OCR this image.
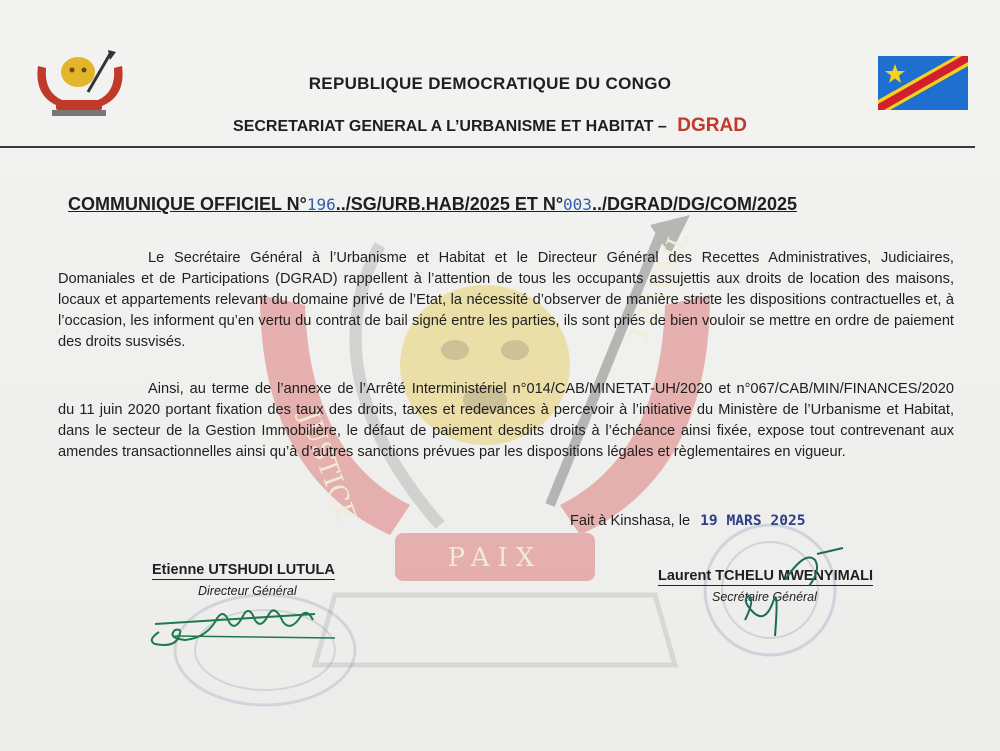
JUSTICE
TRAVAIL
PAIX
REPUBLIQUE DEMOCRATIQUE DU CONGO
SECRETARIAT GENERAL A L’URBANISME ET HABITAT – DGRAD
COMMUNIQUE OFFICIEL N°196../SG/URB.HAB/2025 ET N°003../DGRAD/DG/COM/2025
Le Secrétaire Général à l’Urbanisme et Habitat et le Directeur Général des Recettes Administratives, Judiciaires, Domaniales et de Participations (DGRAD) rappellent à l’attention de tous les occupants assujettis aux droits de location des maisons, locaux et appartements relevant du domaine privé de l’Etat, la nécessité d’observer de manière stricte les dispositions contractuelles et, à l’occasion, les informent qu’en vertu du contrat de bail signé entre les parties, ils sont priés de bien vouloir se mettre en ordre de paiement des droits susvisés.
Ainsi, au terme de l’annexe de l’Arrêté Interministériel n°014/CAB/MINETAT-UH/2020 et n°067/CAB/MIN/FINANCES/2020 du 11 juin 2020 portant fixation des taux des droits, taxes et redevances à percevoir à l’initiative du Ministère de l’Urbanisme et Habitat, dans le secteur de la Gestion Immobilière, le défaut de paiement desdits droits à l’échéance ainsi fixée, expose tout contrevenant aux amendes transactionnelles ainsi qu’à d’autres sanctions prévues par les dispositions légales et règlementaires en vigueur.
Fait à Kinshasa, le 19 MARS 2025
Etienne UTSHUDI LUTULA
Directeur Général
Laurent TCHELU MWENYIMALI
Secrétaire Général
